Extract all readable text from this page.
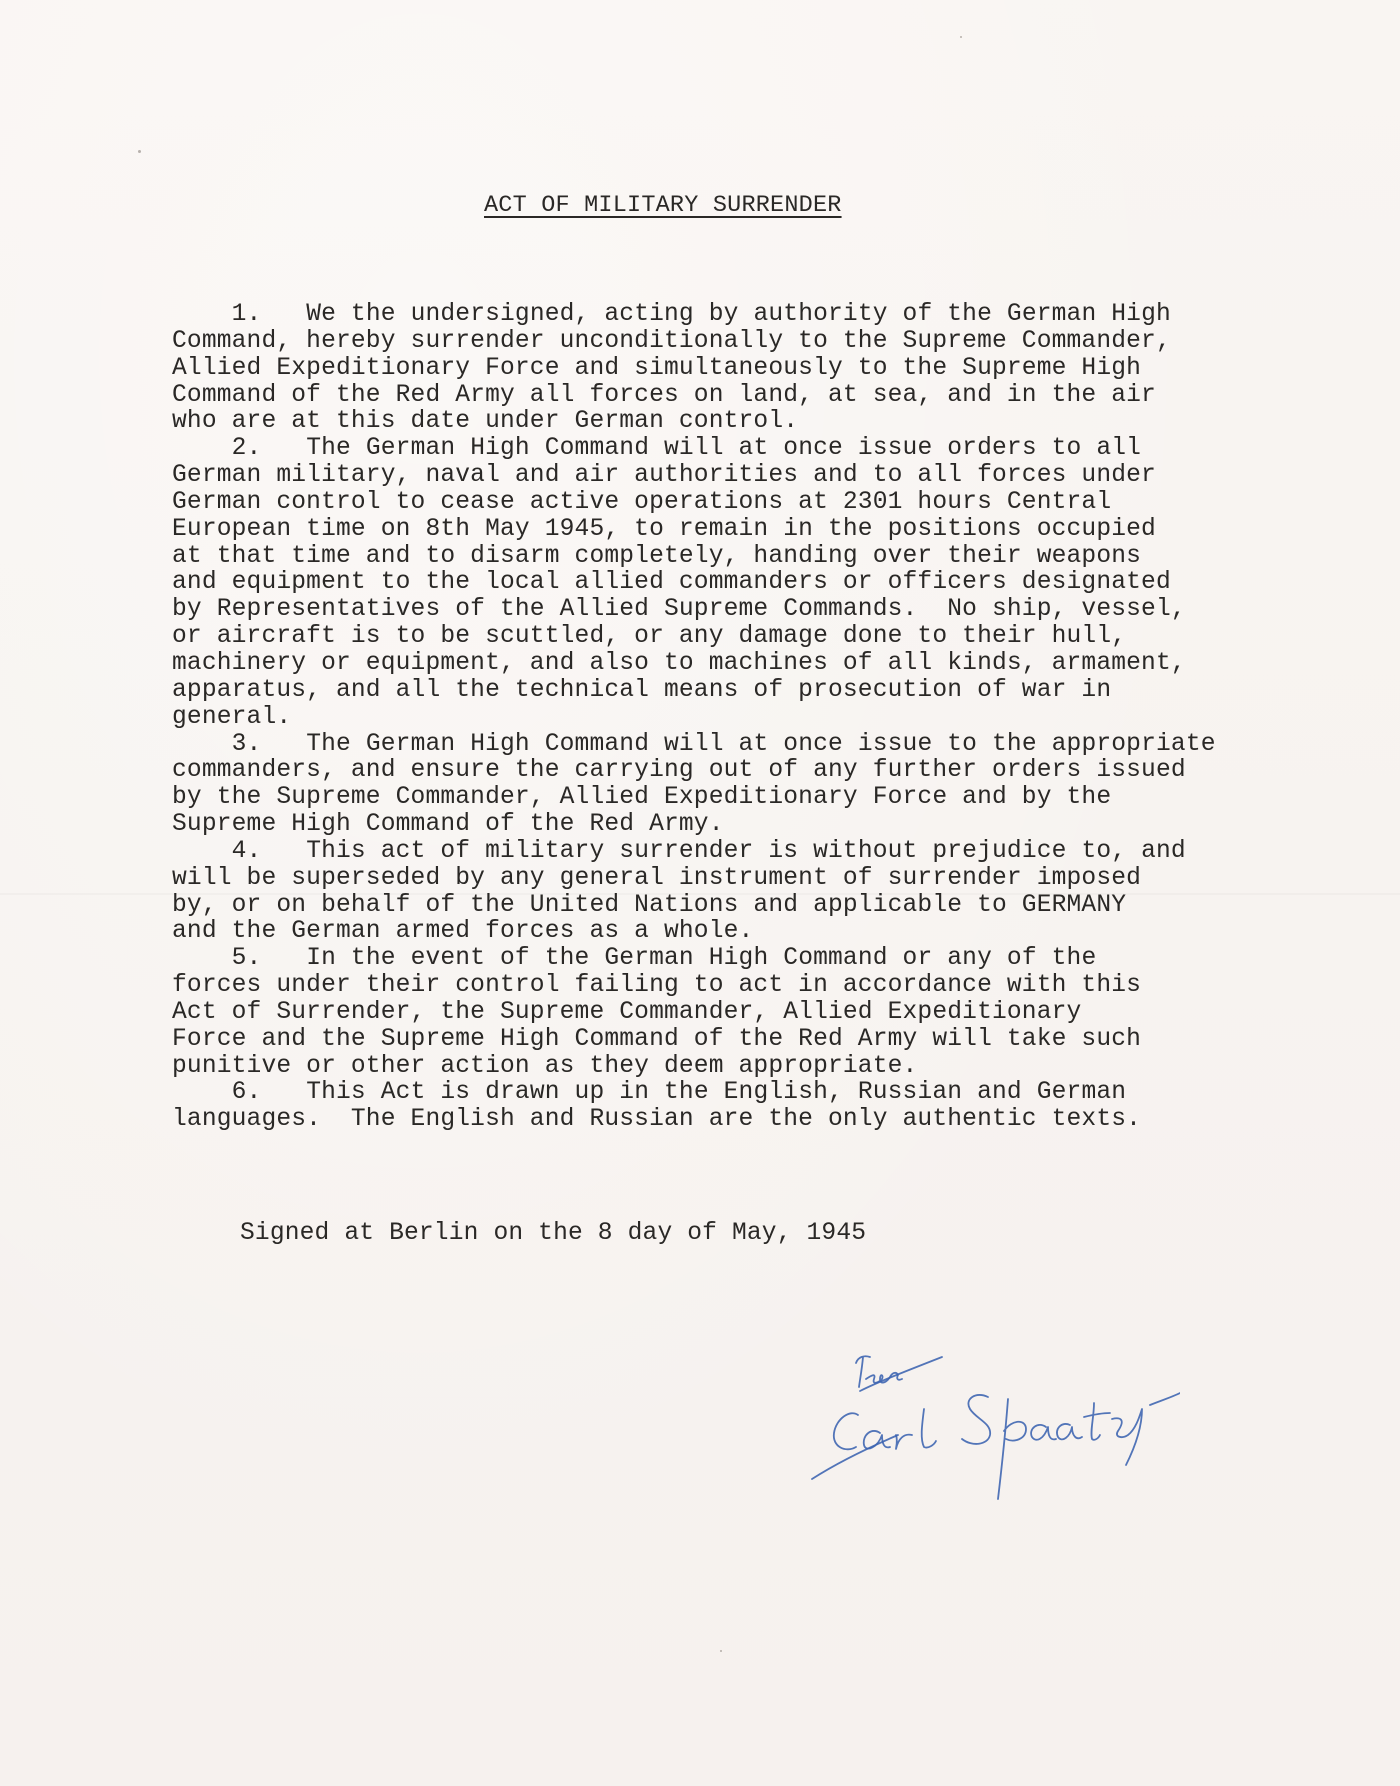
ACT OF MILITARY SURRENDER
1. We the undersigned, acting by authority of the German High
Command, hereby surrender unconditionally to the Supreme Commander,
Allied Expeditionary Force and simultaneously to the Supreme High
Command of the Red Army all forces on land, at sea, and in the air
who are at this date under German control.
2. The German High Command will at once issue orders to all
German military, naval and air authorities and to all forces under
German control to cease active operations at 2301 hours Central
European time on 8th May 1945, to remain in the positions occupied
at that time and to disarm completely, handing over their weapons
and equipment to the local allied commanders or officers designated
by Representatives of the Allied Supreme Commands.  No ship, vessel,
or aircraft is to be scuttled, or any damage done to their hull,
machinery or equipment, and also to machines of all kinds, armament,
apparatus, and all the technical means of prosecution of war in
general.
3. The German High Command will at once issue to the appropriate
commanders, and ensure the carrying out of any further orders issued
by the Supreme Commander, Allied Expeditionary Force and by the
Supreme High Command of the Red Army.
4. This act of military surrender is without prejudice to, and
will be superseded by any general instrument of surrender imposed
by, or on behalf of the United Nations and applicable to GERMANY
and the German armed forces as a whole.
5. In the event of the German High Command or any of the
forces under their control failing to act in accordance with this
Act of Surrender, the Supreme Commander, Allied Expeditionary
Force and the Supreme High Command of the Red Army will take such
punitive or other action as they deem appropriate.
6. This Act is drawn up in the English, Russian and German
languages.  The English and Russian are the only authentic texts.
Signed at Berlin on the 8 day of May, 1945
